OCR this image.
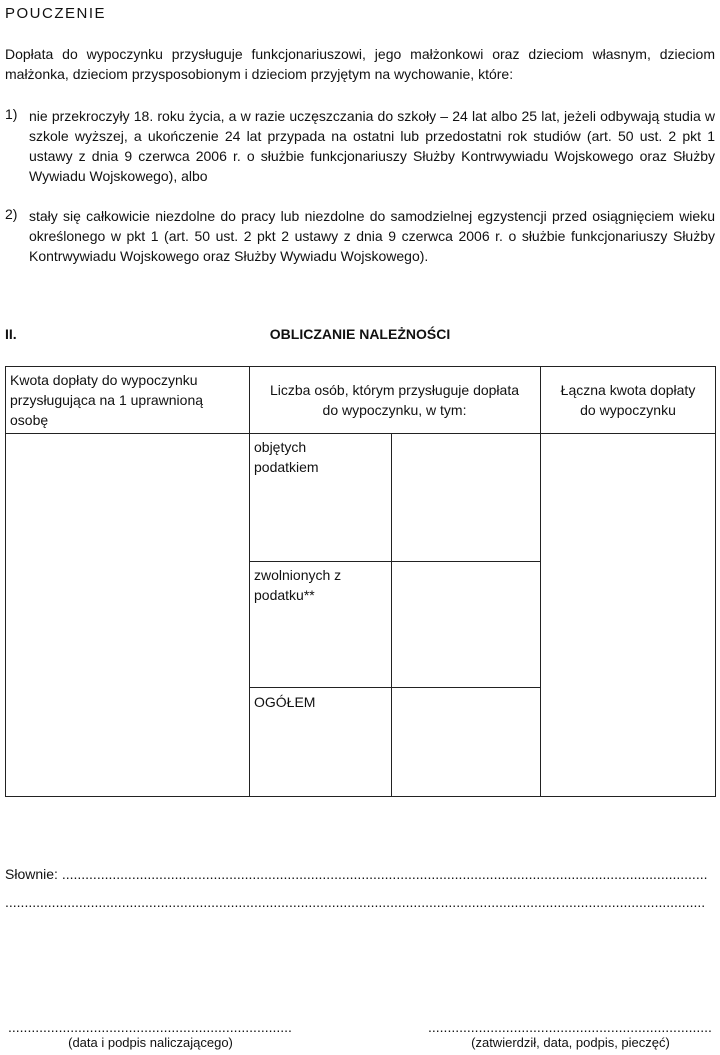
POUCZENIE
Dopłata do wypoczynku przysługuje funkcjonariuszowi, jego małżonkowi oraz dzieciom własnym, dzieciom małżonka, dzieciom przysposobionym i dzieciom przyjętym na wychowanie, które:
1) nie przekroczyły 18. roku życia, a w razie uczęszczania do szkoły – 24 lat albo 25 lat, jeżeli odbywają studia w szkole wyższej, a ukończenie 24 lat przypada na ostatni lub przedostatni rok studiów (art. 50 ust. 2 pkt 1 ustawy z dnia 9 czerwca 2006 r. o służbie funkcjonariuszy Służby Kontrwywiadu Wojskowego oraz Służby Wywiadu Wojskowego), albo
2) stały się całkowicie niezdolne do pracy lub niezdolne do samodzielnej egzystencji przed osiągnięciem wieku określonego w pkt 1 (art. 50 ust. 2 pkt 2 ustawy z dnia 9 czerwca 2006 r. o służbie funkcjonariuszy Służby Kontrwywiadu Wojskowego oraz Służby Wywiadu Wojskowego).
II.	OBLICZANIE NALEŻNOŚCI
Kwota dopłaty do wypoczynku przysługująca na 1 uprawnioną osobę
Liczba osób, którym przysługuje dopłata do wypoczynku, w tym:
Łączna kwota dopłaty do wypoczynku
objętych podatkiem
zwolnionych z podatku**
OGÓŁEM
Słownie: ......................................................................................................................................................................
....................................................................................................................................................................................
.........................................................................
(data i podpis naliczającego)
.........................................................................
(zatwierdził, data, podpis, pieczęć)
